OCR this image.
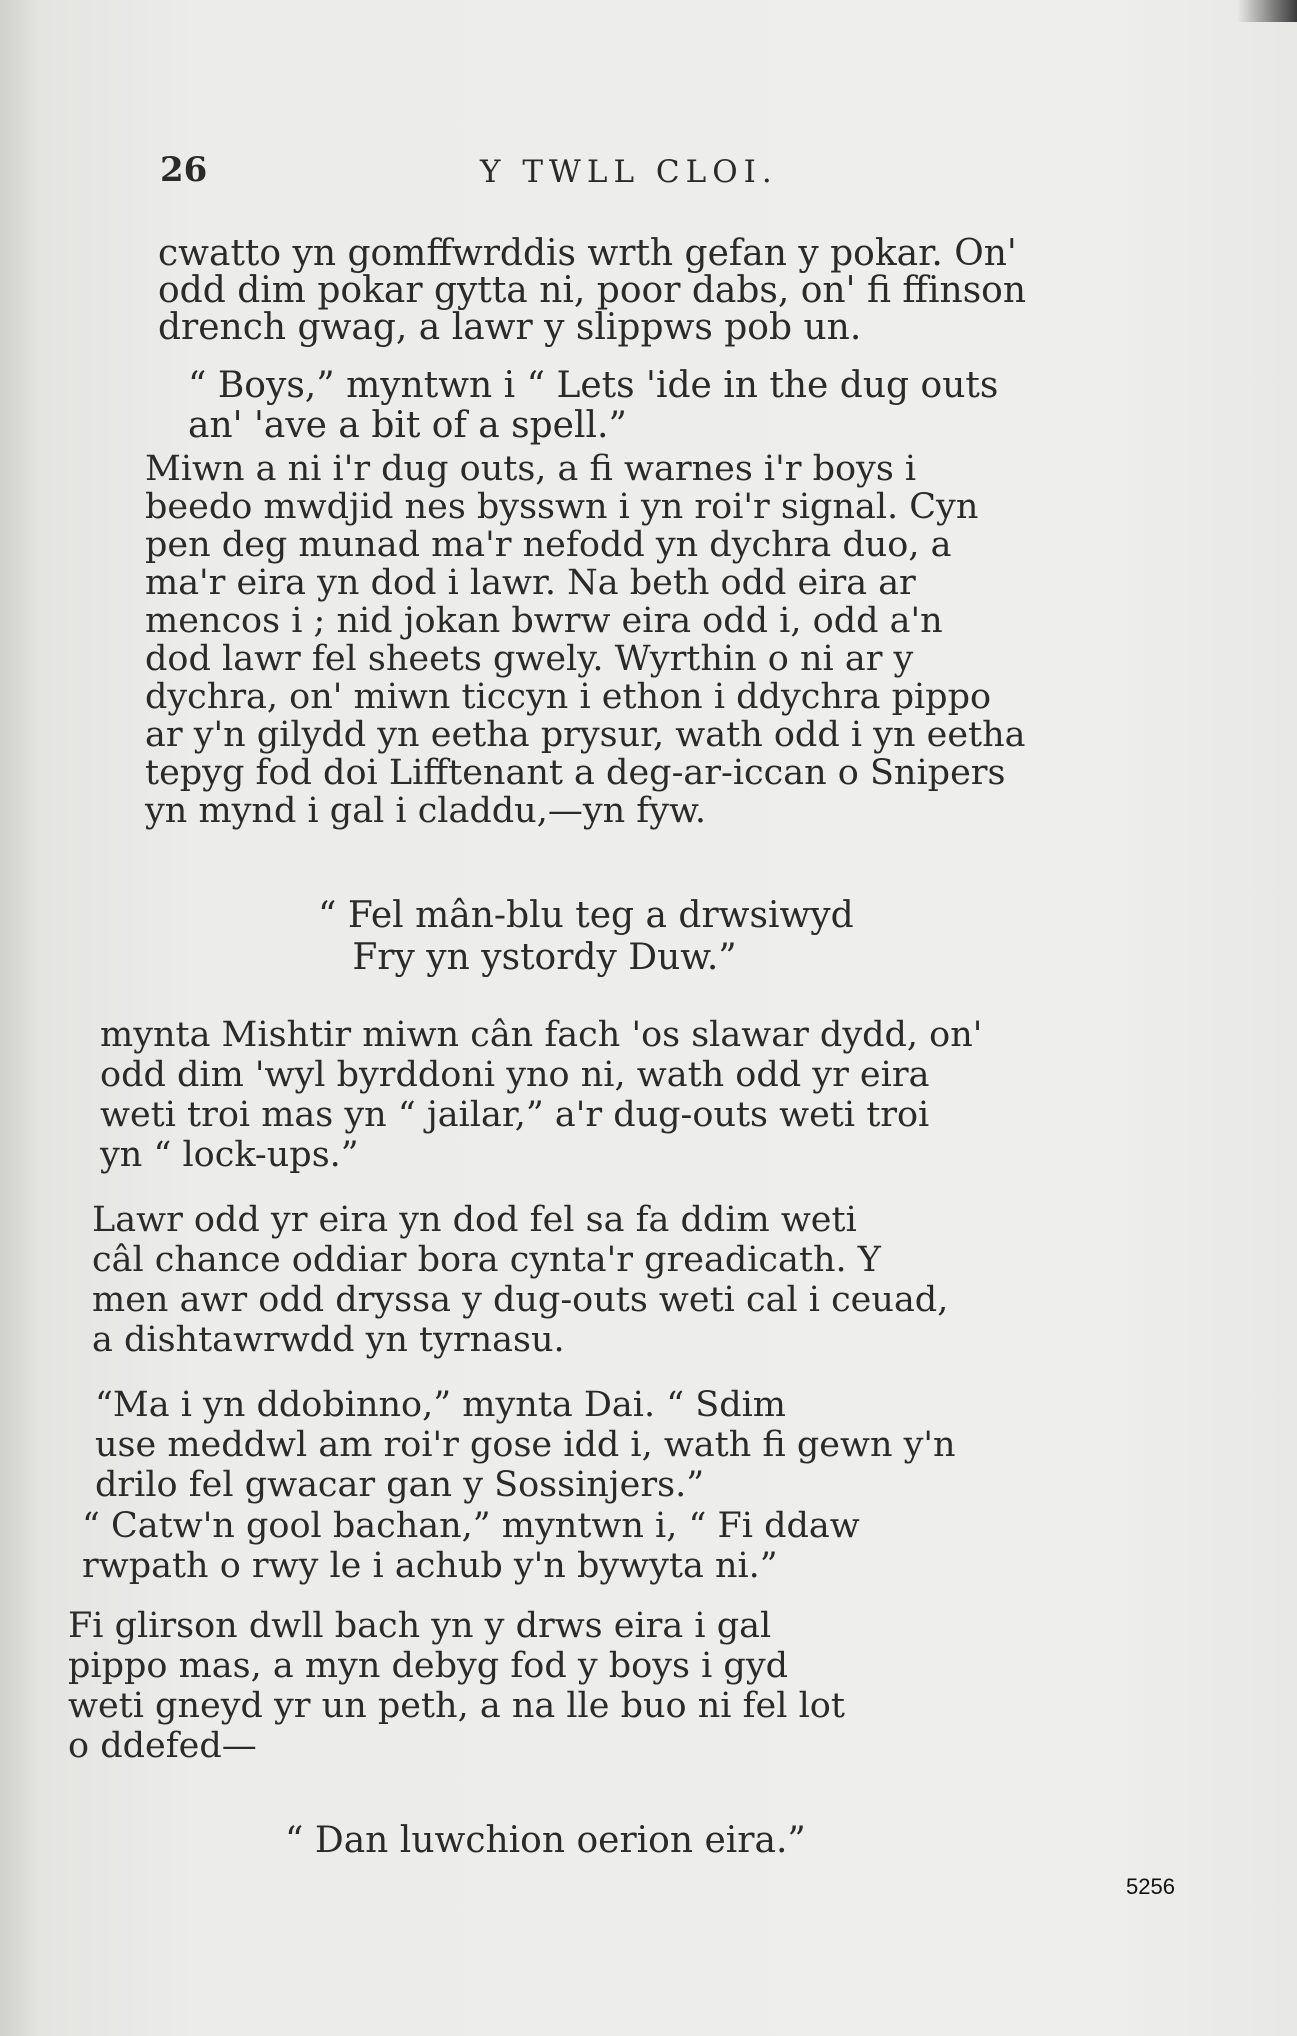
26	Y TWLL CLOI.

cwatto yn gomffwrddis wrth gefan y pokar. On'
odd dim pokar gytta ni, poor dabs, on' fi ffinson
drench gwag, a lawr y slippws pob un.

“ Boys,” myntwn i “ Lets 'ide in the dug outs
an' 'ave a bit of a spell.”

Miwn a ni i'r dug outs, a fi warnes i'r boys i
beedo mwdjid nes bysswn i yn roi'r signal. Cyn
pen deg munad ma'r nefodd yn dychra duo, a
ma'r eira yn dod i lawr. Na beth odd eira ar
mencos i ; nid jokan bwrw eira odd i, odd a'n
dod lawr fel sheets gwely. Wyrthin o ni ar y
dychra, on' miwn ticcyn i ethon i ddychra pippo
ar y'n gilydd yn eetha prysur, wath odd i yn eetha
tepyg fod doi Lifftenant a deg-ar-iccan o Snipers
yn mynd i gal i claddu,—yn fyw.

“ Fel mân-blu teg a drwsiwyd
Fry yn ystordy Duw.”

mynta Mishtir miwn cân fach 'os slawar dydd, on'
odd dim 'wyl byrddoni yno ni, wath odd yr eira
weti troi mas yn “ jailar,” a'r dug-outs weti troi
yn “ lock-ups.”

Lawr odd yr eira yn dod fel sa fa ddim weti
câl chance oddiar bora cynta'r greadicath. Y
men awr odd dryssa y dug-outs weti cal i ceuad,
a dishtawrwdd yn tyrnasu.

“Ma i yn ddobinno,” mynta Dai. “ Sdim
use meddwl am roi'r gose idd i, wath fi gewn y'n
drilo fel gwacar gan y Sossinjers.”

“ Catw'n gool bachan,” myntwn i, “ Fi ddaw
rwpath o rwy le i achub y'n bywyta ni.”

Fi glirson dwll bach yn y drws eira i gal
pippo mas, a myn debyg fod y boys i gyd
weti gneyd yr un peth, a na lle buo ni fel lot
o ddefed—

“ Dan luwchion oerion eira.”

5256
